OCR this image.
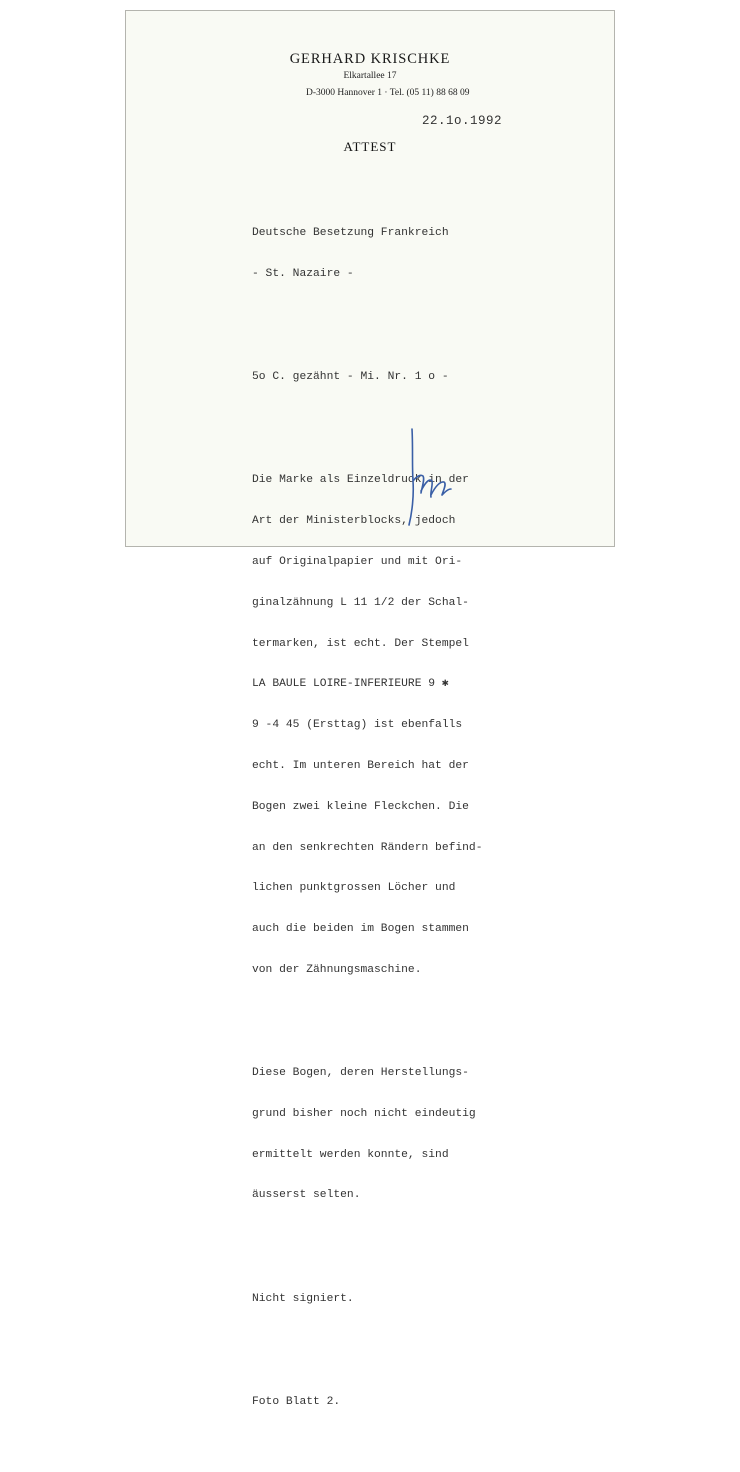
GERHARD KRISCHKE
Elkartallee 17
D-3000 Hannover 1 · Tel. (05 11) 88 68 09
22.1o.1992
ATTEST

Deutsche Besetzung Frankreich

- St. Nazaire -

5o C. gezähnt - Mi. Nr. 1 o -

Die Marke als Einzeldruck in der

Art der Ministerblocks, jedoch

auf Originalpapier und mit Ori-

ginalzähnung L 11 1/2 der Schal-

termarken, ist echt. Der Stempel

LA BAULE LOIRE-INFERIEURE 9 ✱

9 -4 45 (Ersttag) ist ebenfalls

echt. Im unteren Bereich hat der

Bogen zwei kleine Fleckchen. Die

an den senkrechten Rändern befind-

lichen punktgrossen Löcher und

auch die beiden im Bogen stammen

von der Zähnungsmaschine.

Diese Bogen, deren Herstellungs-

grund bisher noch nicht eindeutig

ermittelt werden konnte, sind

äusserst selten.

Nicht signiert.

Foto Blatt 2.
